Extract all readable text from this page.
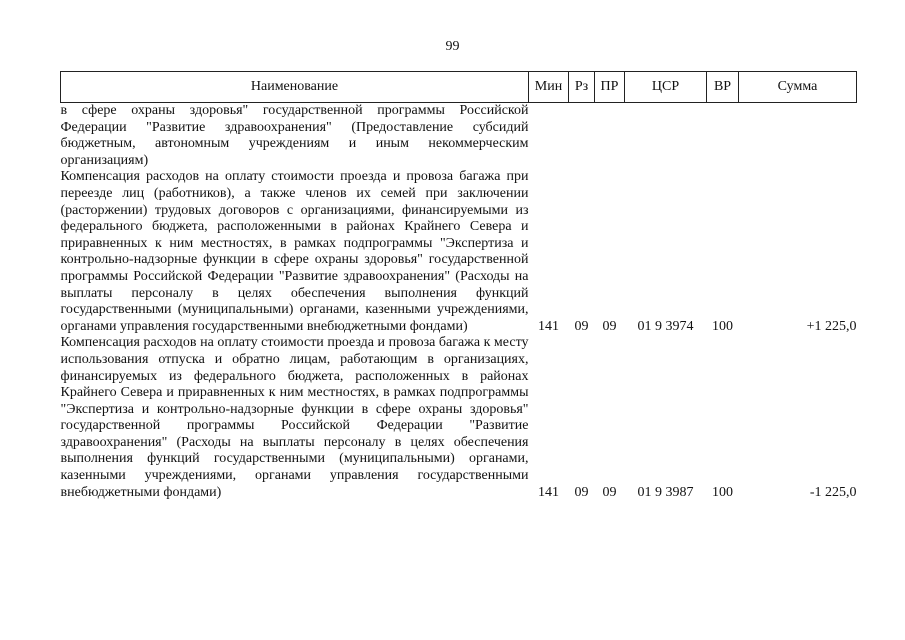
99
Наименование	Мин	Рз	ПР	ЦСР	ВР	Сумма
в сфере охраны здоровья" государственной программы Российской Федерации "Развитие здравоохранения" (Предоставление субсидий бюджетным, автономным учреждениям и иным некоммерческим организациям)						
Компенсация расходов на оплату стоимости проезда и провоза багажа при переезде лиц (работников), а также членов их семей при заключении (расторжении) трудовых договоров с организациями, финансируемыми из федерального бюджета, расположенными в районах Крайнего Севера и приравненных к ним местностях, в рамках подпрограммы "Экспертиза и контрольно-надзорные функции в сфере охраны здоровья" государственной программы Российской Федерации "Развитие здравоохранения" (Расходы на выплаты персоналу в целях обеспечения выполнения функций государственными (муниципальными) органами, казенными учреждениями, органами управления государственными внебюджетными фондами)	141	09	09	01 9 3974	100	+1 225,0
Компенсация расходов на оплату стоимости проезда и провоза багажа к месту использования отпуска и обратно лицам, работающим в организациях, финансируемых из федерального бюджета, расположенных в районах Крайнего Севера и приравненных к ним местностях, в рамках подпрограммы "Экспертиза и контрольно-надзорные функции в сфере охраны здоровья" государственной программы Российской Федерации "Развитие здравоохранения" (Расходы на выплаты персоналу в целях обеспечения выполнения функций государственными (муниципальными) органами, казенными учреждениями, органами управления государственными внебюджетными фондами)	141	09	09	01 9 3987	100	-1 225,0
